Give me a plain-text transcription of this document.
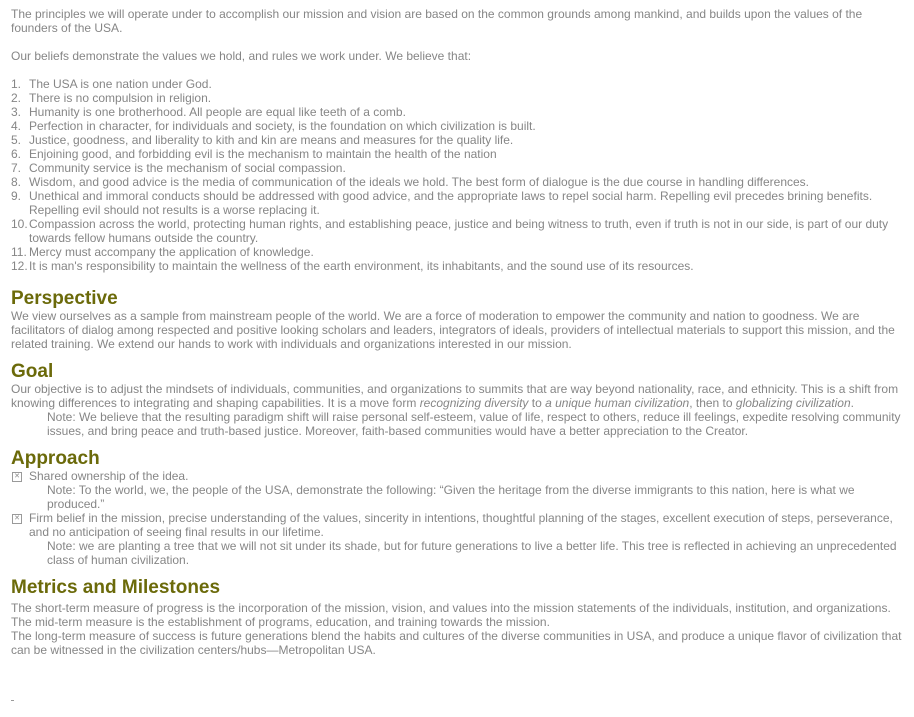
The principles we will operate under to accomplish our mission and vision are based on the common grounds among mankind, and builds upon the values of the founders of the USA.

Our beliefs demonstrate the values we hold, and rules we work under. We believe that:

1. The USA is one nation under God.
2. There is no compulsion in religion.
3. Humanity is one brotherhood. All people are equal like teeth of a comb.
4. Perfection in character, for individuals and society, is the foundation on which civilization is built.
5. Justice, goodness, and liberality to kith and kin are means and measures for the quality life.
6. Enjoining good, and forbidding evil is the mechanism to maintain the health of the nation
7. Community service is the mechanism of social compassion.
8. Wisdom, and good advice is the media of communication of the ideals we hold. The best form of dialogue is the due course in handling differences.
9. Unethical and immoral conducts should be addressed with good advice, and the appropriate laws to repel social harm. Repelling evil precedes brining benefits. Repelling evil should not results is a worse replacing it.
10. Compassion across the world, protecting human rights, and establishing peace, justice and being witness to truth, even if truth is not in our side, is part of our duty towards fellow humans outside the country.
11. Mercy must accompany the application of knowledge.
12. It is man's responsibility to maintain the wellness of the earth environment, its inhabitants, and the sound use of its resources.
Perspective

We view ourselves as a sample from mainstream people of the world. We are a force of moderation to empower the community and nation to goodness. We are facilitators of dialog among respected and positive looking scholars and leaders, integrators of ideals, providers of intellectual materials to support this mission, and the related training. We extend our hands to work with individuals and organizations interested in our mission.

Goal

Our objective is to adjust the mindsets of individuals, communities, and organizations to summits that are way beyond nationality, race, and ethnicity. This is a shift from knowing differences to integrating and shaping capabilities. It is a move form recognizing diversity to a unique human civilization, then to globalizing civilization.

Note: We believe that the resulting paradigm shift will raise personal self-esteem, value of life, respect to others, reduce ill feelings, expedite resolving community issues, and bring peace and truth-based justice. Moreover, faith-based communities would have a better appreciation to the Creator.

Approach
✕ Shared ownership of the idea.

Note: To the world, we, the people of the USA, demonstrate the following: “Given the heritage from the diverse immigrants to this nation, here is what we produced.”

✕ Firm belief in the mission, precise understanding of the values, sincerity in intentions, thoughtful planning of the stages, excellent execution of steps, perseverance, and no anticipation of seeing final results in our lifetime.

Note: we are planting a tree that we will not sit under its shade, but for future generations to live a better life. This tree is reflected in achieving an unprecedented class of human civilization.

Metrics and Milestones

The short-term measure of progress is the incorporation of the mission, vision, and values into the mission statements of the individuals, institution, and organizations.

The mid-term measure is the establishment of programs, education, and training towards the mission.

The long-term measure of success is future generations blend the habits and cultures of the diverse communities in USA, and produce a unique flavor of civilization that can be witnessed in the civilization centers/hubs—Metropolitan USA.
